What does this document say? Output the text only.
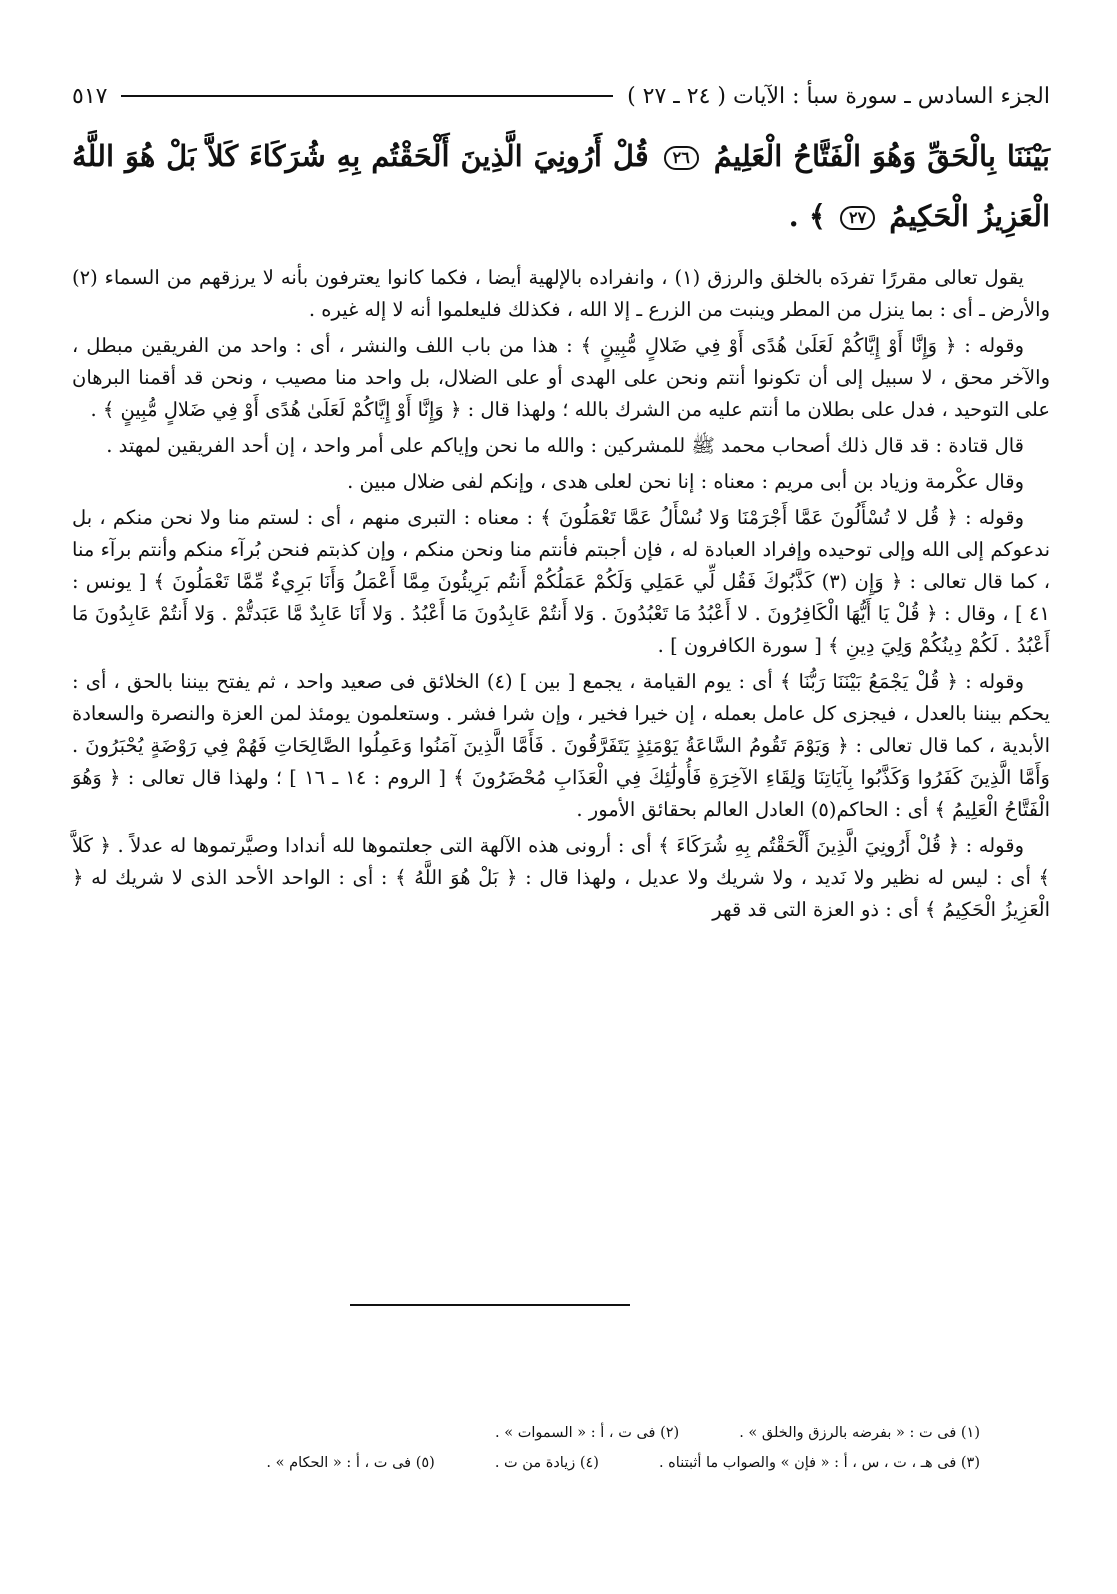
الجزء السادس ـ سورة سبأ : الآيات ( ٢٤ ـ ٢٧ )
٥١٧
بَيْنَنَا بِالْحَقِّ وَهُوَ الْفَتَّاحُ الْعَلِيمُ ٢٦ قُلْ أَرُونِيَ الَّذِينَ أَلْحَقْتُم بِهِ شُرَكَاءَ كَلاَّ بَلْ هُوَ اللَّهُ الْعَزِيزُ الْحَكِيمُ ٢٧ ﴾ .

يقول تعالى مقررًا تفردَه بالخلق والرزق (١) ، وانفراده بالإلهية أيضا ، فكما كانوا يعترفون بأنه لا يرزقهم من السماء (٢) والأرض ـ أى : بما ينزل من المطر وينبت من الزرع ـ إلا الله ، فكذلك فليعلموا أنه لا إله غيره .

وقوله : ﴿ وَإِنَّا أَوْ إِيَّاكُمْ لَعَلَىٰ هُدًى أَوْ فِي ضَلالٍ مُّبِينٍ ﴾ : هذا من باب اللف والنشر ، أى : واحد من الفريقين مبطل ، والآخر محق ، لا سبيل إلى أن تكونوا أنتم ونحن على الهدى أو على الضلال، بل واحد منا مصيب ، ونحن قد أقمنا البرهان على التوحيد ، فدل على بطلان ما أنتم عليه من الشرك بالله ؛ ولهذا قال : ﴿ وَإِنَّا أَوْ إِيَّاكُمْ لَعَلَىٰ هُدًى أَوْ فِي ضَلالٍ مُّبِينٍ ﴾ .

قال قتادة : قد قال ذلك أصحاب محمد ﷺ للمشركين : والله ما نحن وإياكم على أمر واحد ، إن أحد الفريقين لمهتد .

وقال عكْرمة وزياد بن أبى مريم : معناه : إنا نحن لعلى هدى ، وإنكم لفى ضلال مبين .

وقوله : ﴿ قُل لا تُسْأَلُونَ عَمَّا أَجْرَمْنَا وَلا نُسْأَلُ عَمَّا تَعْمَلُونَ ﴾ : معناه : التبرى منهم ، أى : لستم منا ولا نحن منكم ، بل ندعوكم إلى الله وإلى توحيده وإفراد العبادة له ، فإن أجبتم فأنتم منا ونحن منكم ، وإن كذبتم فنحن بُرآء منكم وأنتم برآء منا ، كما قال تعالى : ﴿ وَإِن (٣) كَذَّبُوكَ فَقُل لِّي عَمَلِي وَلَكُمْ عَمَلُكُمْ أَنتُم بَرِيئُونَ مِمَّا أَعْمَلُ وَأَنَا بَرِيءٌ مِّمَّا تَعْمَلُونَ ﴾ [ يونس : ٤١ ] ، وقال : ﴿ قُلْ يَا أَيُّهَا الْكَافِرُونَ . لا أَعْبُدُ مَا تَعْبُدُونَ . وَلا أَنتُمْ عَابِدُونَ مَا أَعْبُدُ . وَلا أَنَا عَابِدٌ مَّا عَبَدتُّمْ . وَلا أَنتُمْ عَابِدُونَ مَا أَعْبُدُ . لَكُمْ دِينُكُمْ وَلِيَ دِينِ ﴾ [ سورة الكافرون ] .

وقوله : ﴿ قُلْ يَجْمَعُ بَيْنَنَا رَبُّنَا ﴾ أى : يوم القيامة ، يجمع [ بين ] (٤) الخلائق فى صعيد واحد ، ثم يفتح بيننا بالحق ، أى : يحكم بيننا بالعدل ، فيجزى كل عامل بعمله ، إن خيرا فخير ، وإن شرا فشر . وستعلمون يومئذ لمن العزة والنصرة والسعادة الأبدية ، كما قال تعالى : ﴿ وَيَوْمَ تَقُومُ السَّاعَةُ يَوْمَئِذٍ يَتَفَرَّقُونَ . فَأَمَّا الَّذِينَ آمَنُوا وَعَمِلُوا الصَّالِحَاتِ فَهُمْ فِي رَوْضَةٍ يُحْبَرُونَ . وَأَمَّا الَّذِينَ كَفَرُوا وَكَذَّبُوا بِآيَاتِنَا وَلِقَاءِ الآخِرَةِ فَأُولَٰئِكَ فِي الْعَذَابِ مُحْضَرُونَ ﴾ [ الروم : ١٤ ـ ١٦ ] ؛ ولهذا قال تعالى : ﴿ وَهُوَ الْفَتَّاحُ الْعَلِيمُ ﴾ أى : الحاكم(٥) العادل العالم بحقائق الأمور .

وقوله : ﴿ قُلْ أَرُونِيَ الَّذِينَ أَلْحَقْتُم بِهِ شُرَكَاءَ ﴾ أى : أرونى هذه الآلهة التى جعلتموها لله أندادا وصيَّرتموها له عدلاً . ﴿ كَلاَّ ﴾ أى : ليس له نظير ولا نَديد ، ولا شريك ولا عديل ، ولهذا قال : ﴿ بَلْ هُوَ اللَّهُ ﴾ : أى : الواحد الأحد الذى لا شريك له ﴿ الْعَزِيزُ الْحَكِيمُ ﴾ أى : ذو العزة التى قد قهر

(١) فى ت : « بفرضه بالرزق والخلق » .
(٢) فى ت ، أ : « السموات » .
(٣) فى هـ ، ت ، س ، أ : « فإن » والصواب ما أثبتناه .
(٤) زيادة من ت .
(٥) فى ت ، أ : « الحكام » .
